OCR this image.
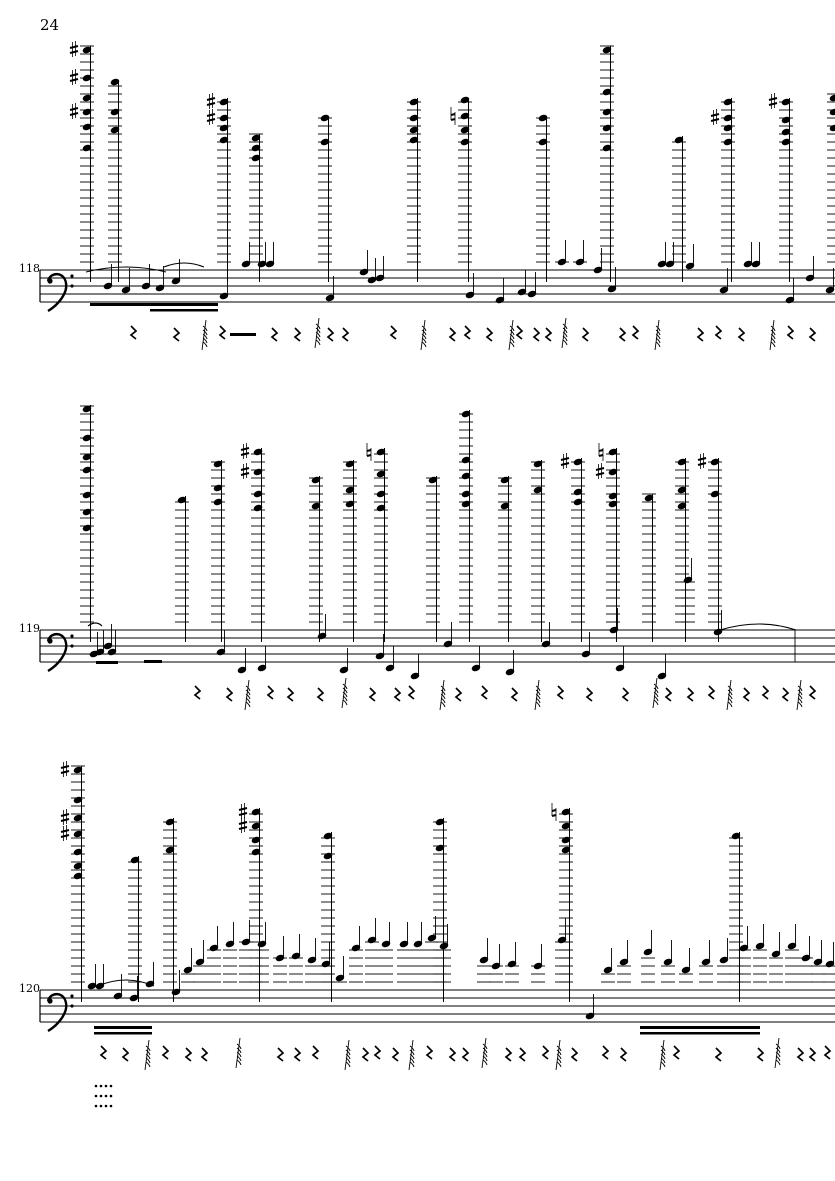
24
118
119
120
